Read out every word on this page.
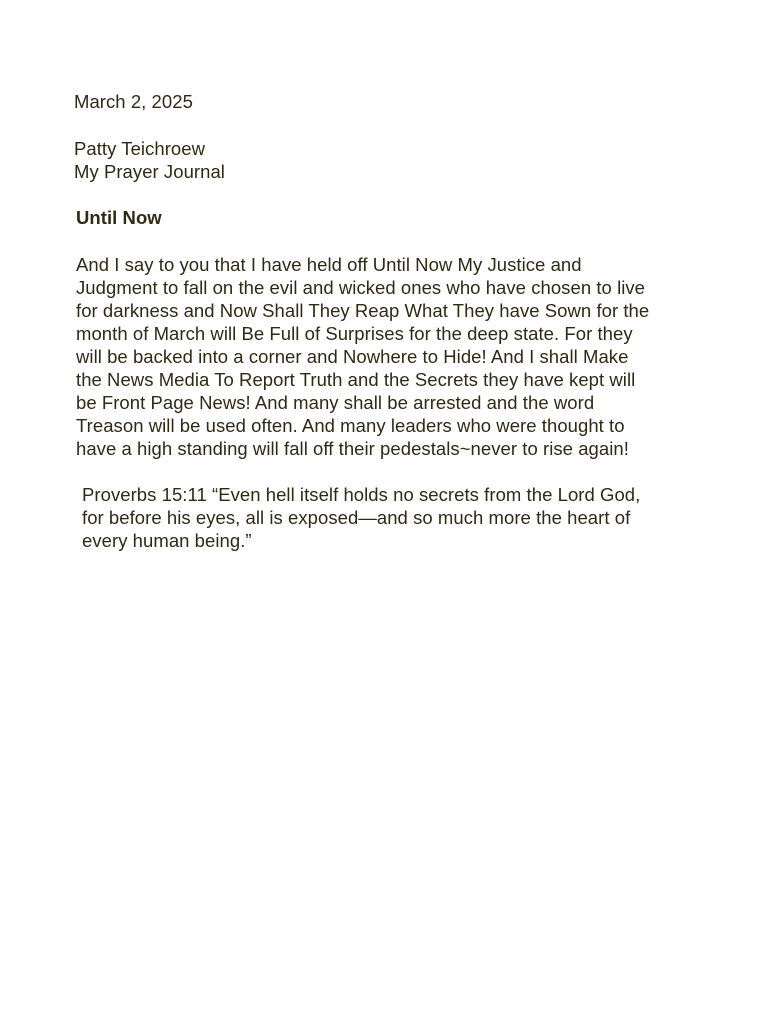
March 2, 2025
Patty Teichroew
My Prayer Journal
Until Now
And I say to you that I have held off Until Now My Justice and
Judgment to fall on the evil and wicked ones who have chosen to live
for darkness and Now Shall They Reap What They have Sown for the
month of March will Be Full of Surprises for the deep state. For they
will be backed into a corner and Nowhere to Hide! And I shall Make
the News Media To Report Truth and the Secrets they have kept will
be Front Page News! And many shall be arrested and the word
Treason will be used often. And many leaders who were thought to
have a high standing will fall off their pedestals~never to rise again!
Proverbs 15:11 “Even hell itself holds no secrets from the Lord God,
for before his eyes, all is exposed—and so much more the heart of
every human being.”
